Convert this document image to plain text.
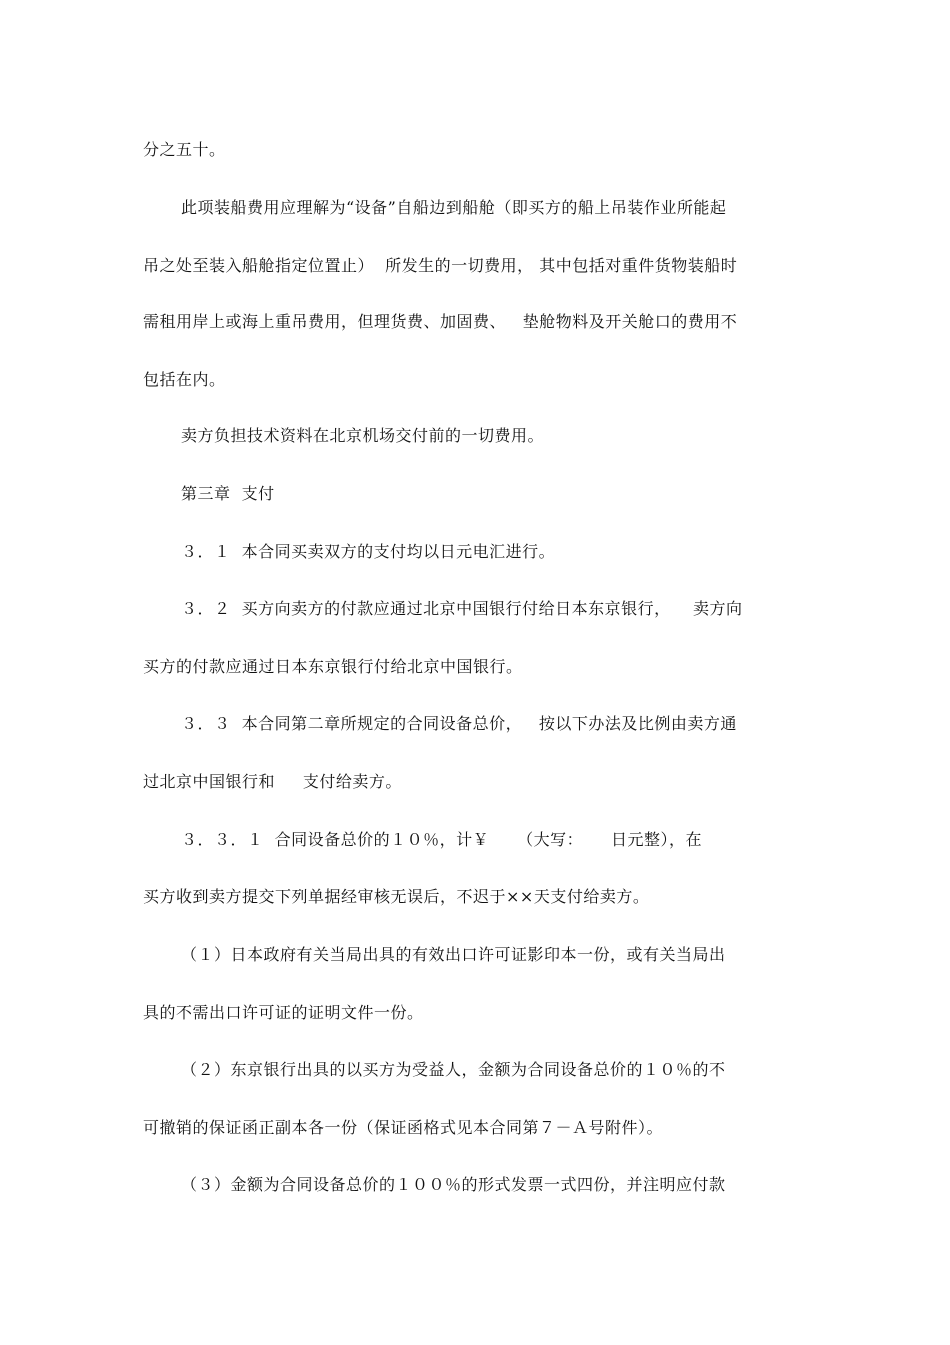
分之五十。
此项装船费用应理解为“设备”自船边到船舱（即买方的船上吊装作业所能起
吊之处至装入船舱指定位置止）  所发生的一切费用， 其中包括对重件货物装船时
需租用岸上或海上重吊费用，但理货费、加固费、   垫舱物料及开关舱口的费用不
包括在内。
卖方负担技术资料在北京机场交付前的一切费用。
第三章  支付
３．１  本合同买卖双方的支付均以日元电汇进行。
３．２  买方向卖方的付款应通过北京中国银行付给日本东京银行，    卖方向
买方的付款应通过日本东京银行付给北京中国银行。
３．３  本合同第二章所规定的合同设备总价，   按以下办法及比例由卖方通
过北京中国银行和     支付给卖方。
３．３．１  合同设备总价的１０％，计￥     （大写：     日元整），在
买方收到卖方提交下列单据经审核无误后，不迟于××天支付给卖方。
（１）日本政府有关当局出具的有效出口许可证影印本一份，或有关当局出
具的不需出口许可证的证明文件一份。
（２）东京银行出具的以买方为受益人，金额为合同设备总价的１０％的不
可撤销的保证函正副本各一份（保证函格式见本合同第７－Ａ号附件）。
（３）金额为合同设备总价的１００％的形式发票一式四份，并注明应付款
